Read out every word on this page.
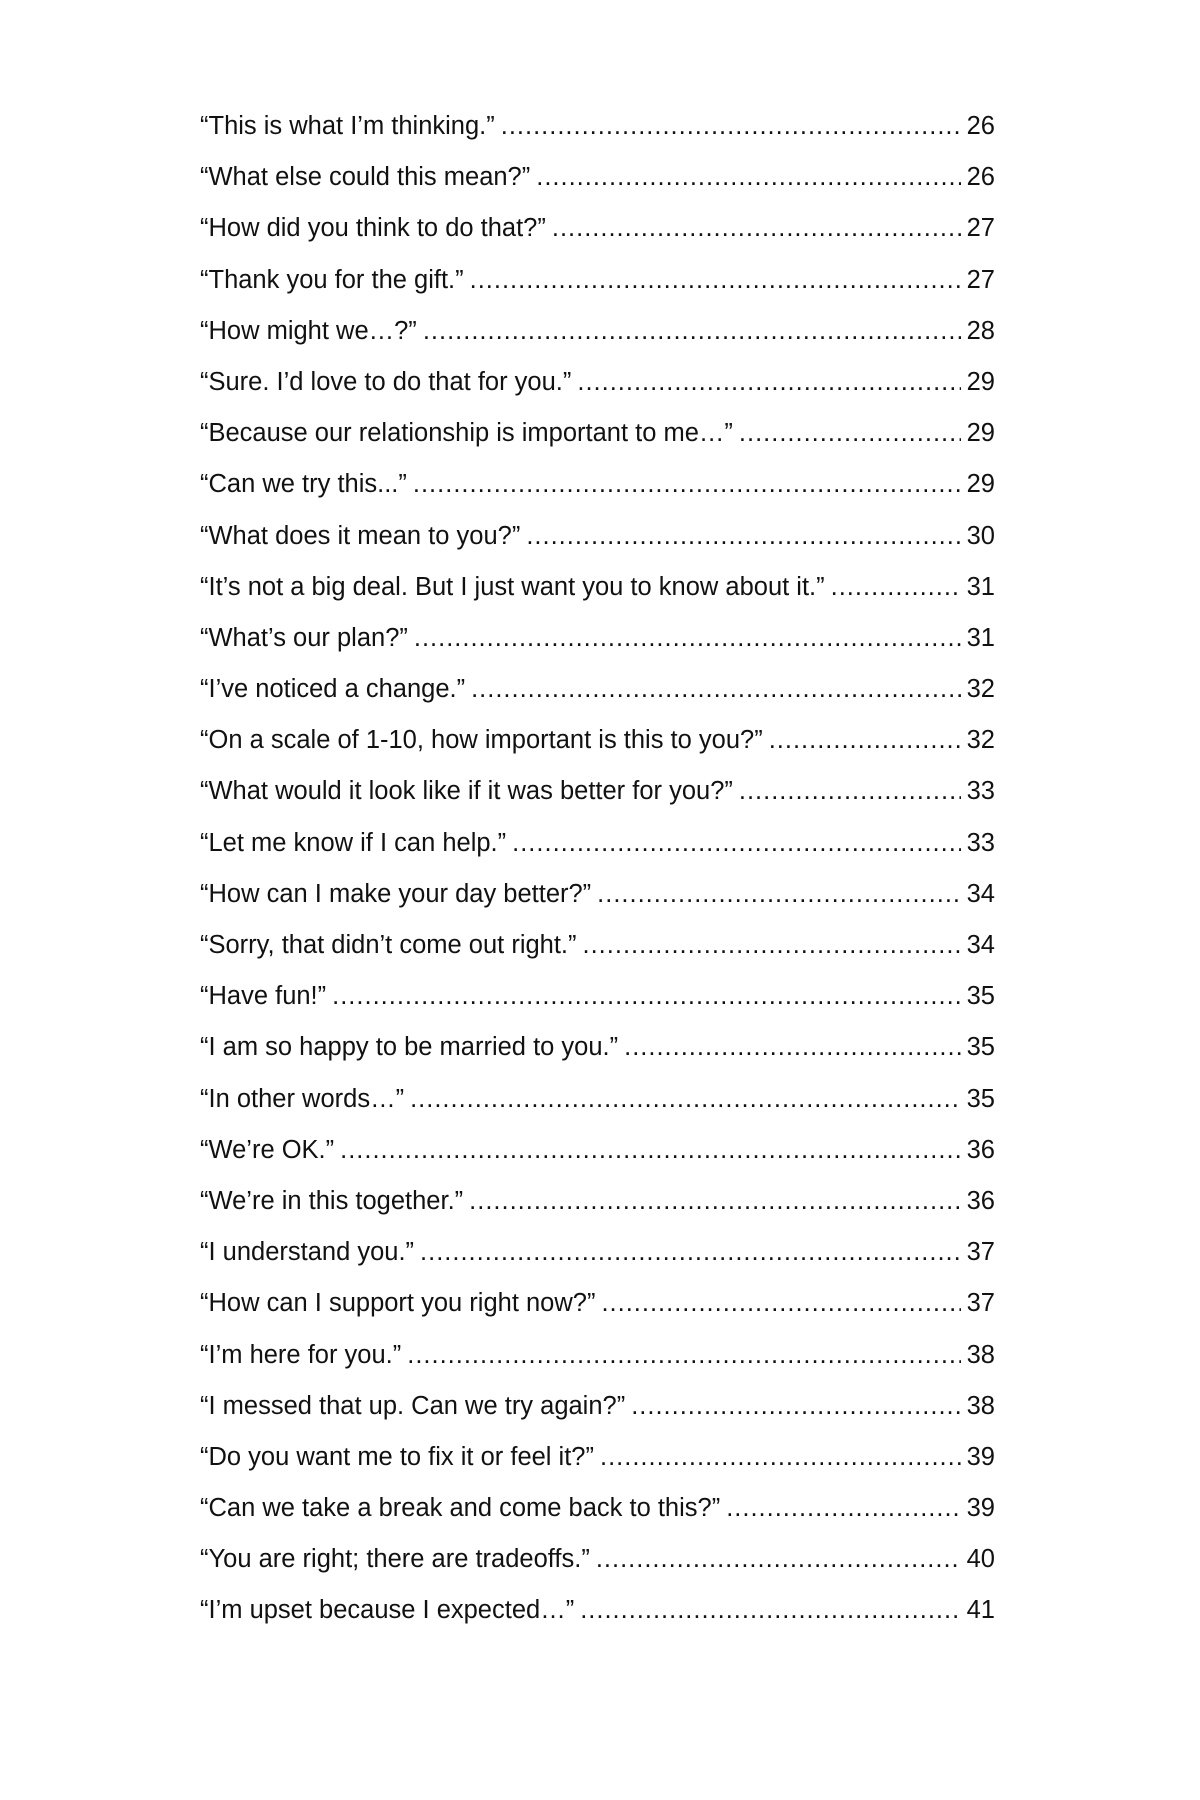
“This is what I’m thinking.” .....	26
“What else could this mean?” .....	26
“How did you think to do that?” .....	27
“Thank you for the gift.” .....	27
“How might we…?” .....	28
“Sure. I’d love to do that for you.” .....	29
“Because our relationship is important to me…” .....	29
“Can we try this...” .....	29
“What does it mean to you?” .....	30
“It’s not a big deal. But I just want you to know about it.” .....	31
“What’s our plan?” .....	31
“I’ve noticed a change.” .....	32
“On a scale of 1-10, how important is this to you?” .....	32
“What would it look like if it was better for you?” .....	33
“Let me know if I can help.” .....	33
“How can I make your day better?” .....	34
“Sorry, that didn’t come out right.” .....	34
“Have fun!” .....	35
“I am so happy to be married to you.” .....	35
“In other words…” .....	35
“We’re OK.” .....	36
“We’re in this together.” .....	36
“I understand you.” .....	37
“How can I support you right now?” .....	37
“I’m here for you.” .....	38
“I messed that up. Can we try again?” .....	38
“Do you want me to fix it or feel it?” .....	39
“Can we take a break and come back to this?” .....	39
“You are right; there are tradeoffs.” .....	40
“I’m upset because I expected…” .....	41
